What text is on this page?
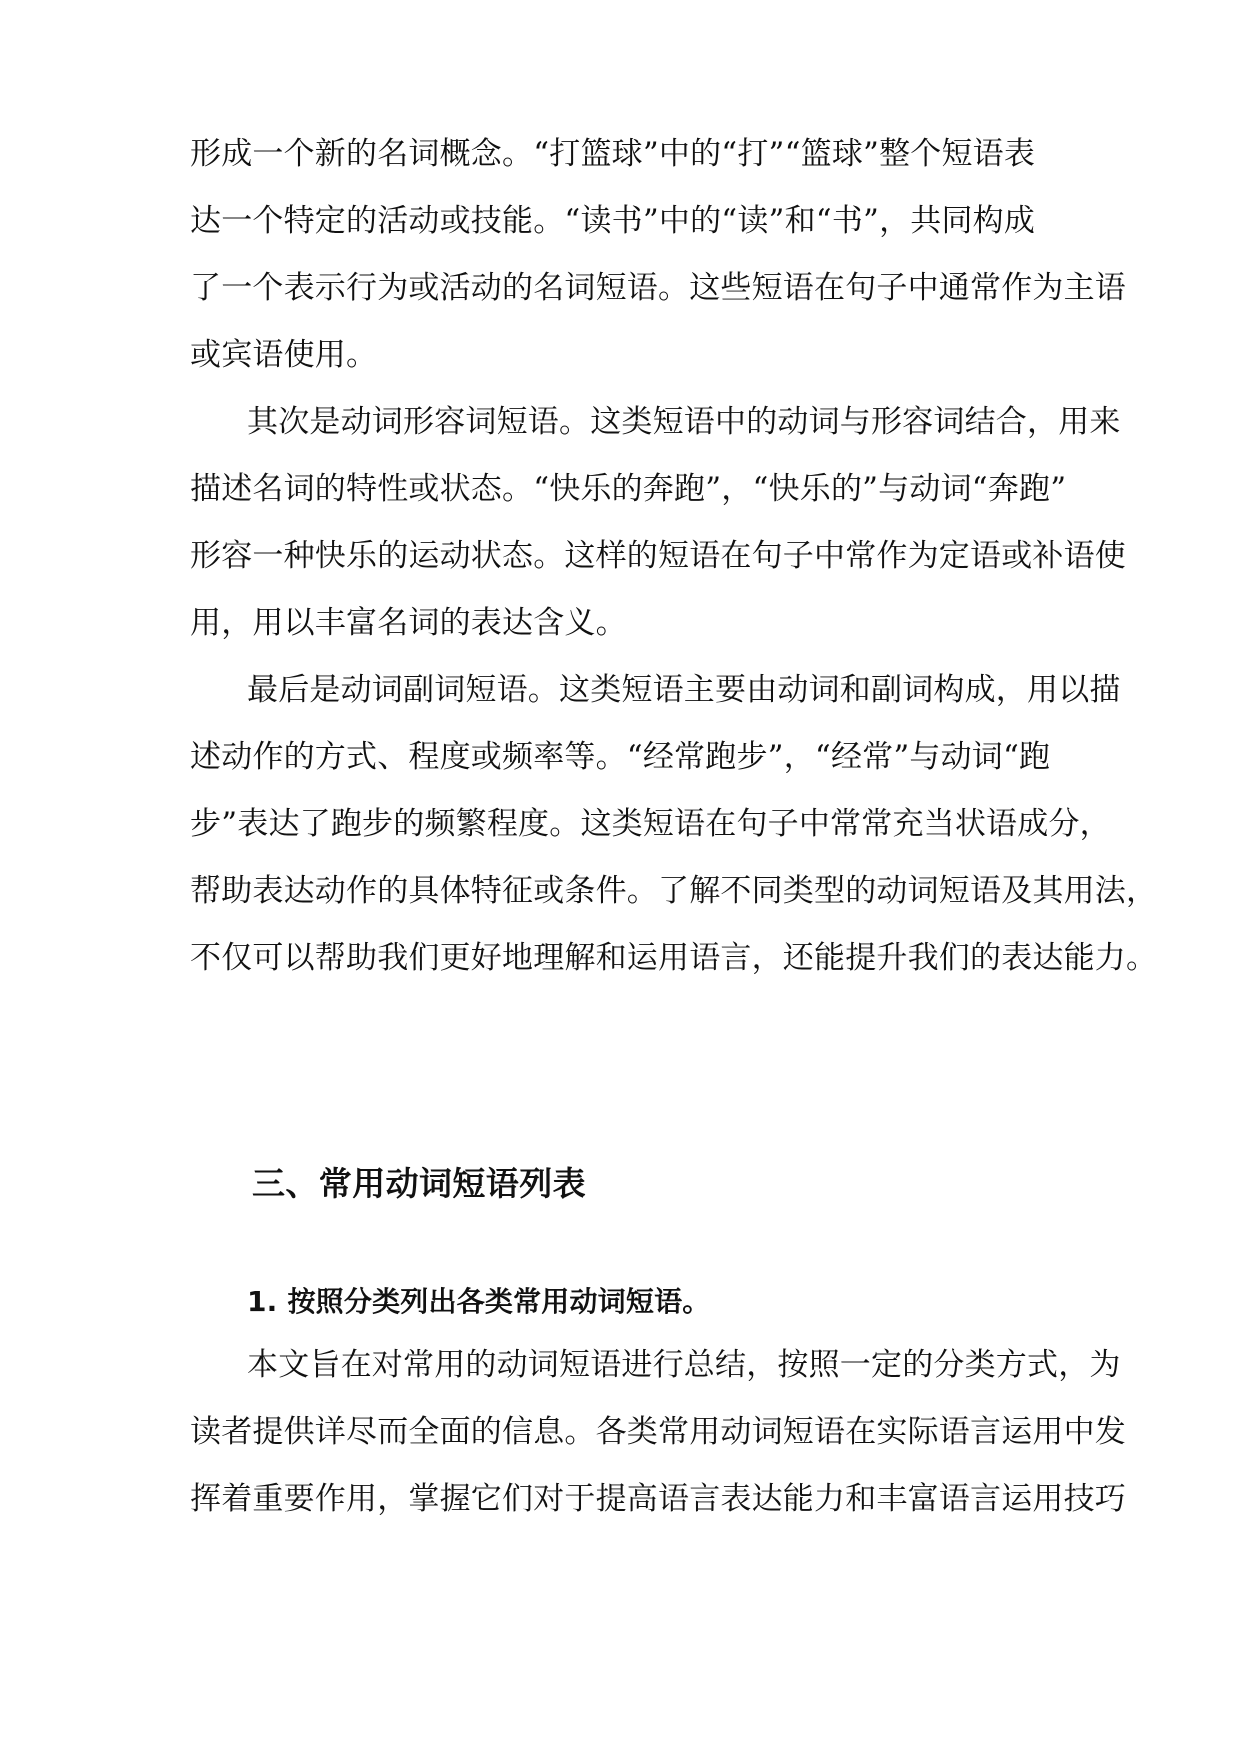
形成一个新的名词概念。“打篮球”中的“打”“篮球”整个短语表
达一个特定的活动或技能。“读书”中的“读”和“书”，共同构成
了一个表示行为或活动的名词短语。这些短语在句子中通常作为主语
或宾语使用。
其次是动词形容词短语。这类短语中的动词与形容词结合，用来
描述名词的特性或状态。“快乐的奔跑”，“快乐的”与动词“奔跑”
形容一种快乐的运动状态。这样的短语在句子中常作为定语或补语使
用，用以丰富名词的表达含义。
最后是动词副词短语。这类短语主要由动词和副词构成，用以描
述动作的方式、程度或频率等。“经常跑步”，“经常”与动词“跑
步”表达了跑步的频繁程度。这类短语在句子中常常充当状语成分，
帮助表达动作的具体特征或条件。了解不同类型的动词短语及其用法，
不仅可以帮助我们更好地理解和运用语言，还能提升我们的表达能力。
三、常用动词短语列表
1. 按照分类列出各类常用动词短语。
本文旨在对常用的动词短语进行总结，按照一定的分类方式，为
读者提供详尽而全面的信息。各类常用动词短语在实际语言运用中发
挥着重要作用，掌握它们对于提高语言表达能力和丰富语言运用技巧
